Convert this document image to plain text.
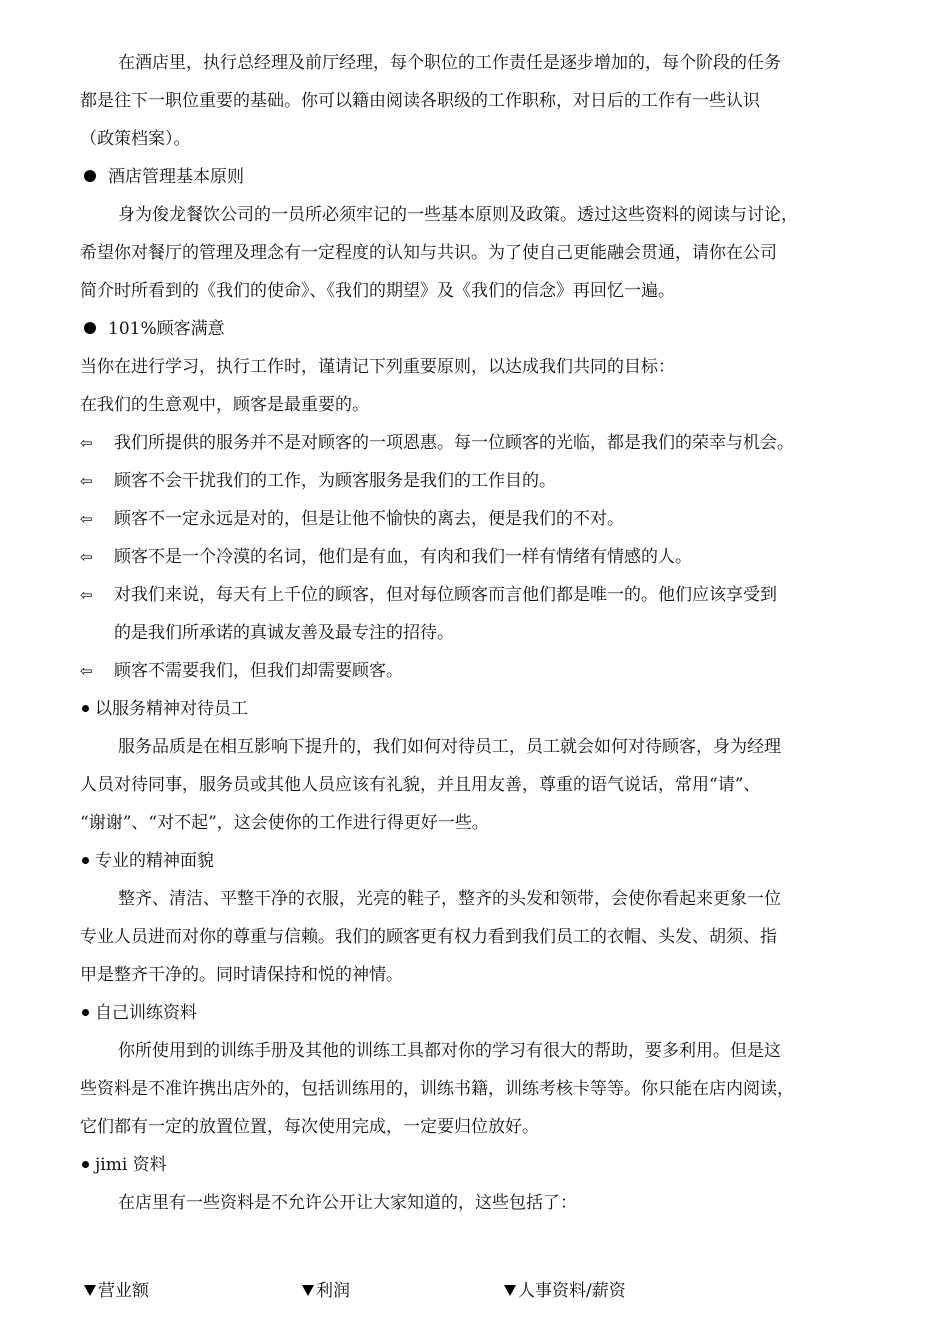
在酒店里，执行总经理及前厅经理，每个职位的工作责任是逐步增加的，每个阶段的任务
都是往下一职位重要的基础。你可以籍由阅读各职级的工作职称，对日后的工作有一些认识
（政策档案）。
酒店管理基本原则
身为俊龙餐饮公司的一员所必须牢记的一些基本原则及政策。透过这些资料的阅读与讨论，
希望你对餐厅的管理及理念有一定程度的认知与共识。为了使自己更能融会贯通，请你在公司
简介时所看到的《我们的使命》、《我们的期望》及《我们的信念》再回忆一遍。
101%顾客满意
当你在进行学习，执行工作时，谨请记下列重要原则，以达成我们共同的目标：
在我们的生意观中，顾客是最重要的。
⇦ 我们所提供的服务并不是对顾客的一项恩惠。每一位顾客的光临，都是我们的荣幸与机会。
⇦ 顾客不会干扰我们的工作，为顾客服务是我们的工作目的。
⇦ 顾客不一定永远是对的，但是让他不愉快的离去，便是我们的不对。
⇦ 顾客不是一个冷漠的名词，他们是有血，有肉和我们一样有情绪有情感的人。
⇦ 对我们来说，每天有上千位的顾客，但对每位顾客而言他们都是唯一的。他们应该享受到
的是我们所承诺的真诚友善及最专注的招待。
⇦ 顾客不需要我们，但我们却需要顾客。
以服务精神对待员工
服务品质是在相互影响下提升的，我们如何对待员工，员工就会如何对待顾客，身为经理
人员对待同事，服务员或其他人员应该有礼貌，并且用友善，尊重的语气说话，常用“请”、
“谢谢”、“对不起”，这会使你的工作进行得更好一些。
专业的精神面貌
整齐、清洁、平整干净的衣服，光亮的鞋子，整齐的头发和领带，会使你看起来更象一位
专业人员进而对你的尊重与信赖。我们的顾客更有权力看到我们员工的衣帽、头发、胡须、指
甲是整齐干净的。同时请保持和悦的神情。
自己训练资料
你所使用到的训练手册及其他的训练工具都对你的学习有很大的帮助，要多利用。但是这
些资料是不准许携出店外的，包括训练用的，训练书籍，训练考核卡等等。你只能在店内阅读，
它们都有一定的放置位置，每次使用完成，一定要归位放好。
jimi 资料
在店里有一些资料是不允许公开让大家知道的，这些包括了：
营业额	利润	人事资料/薪资
